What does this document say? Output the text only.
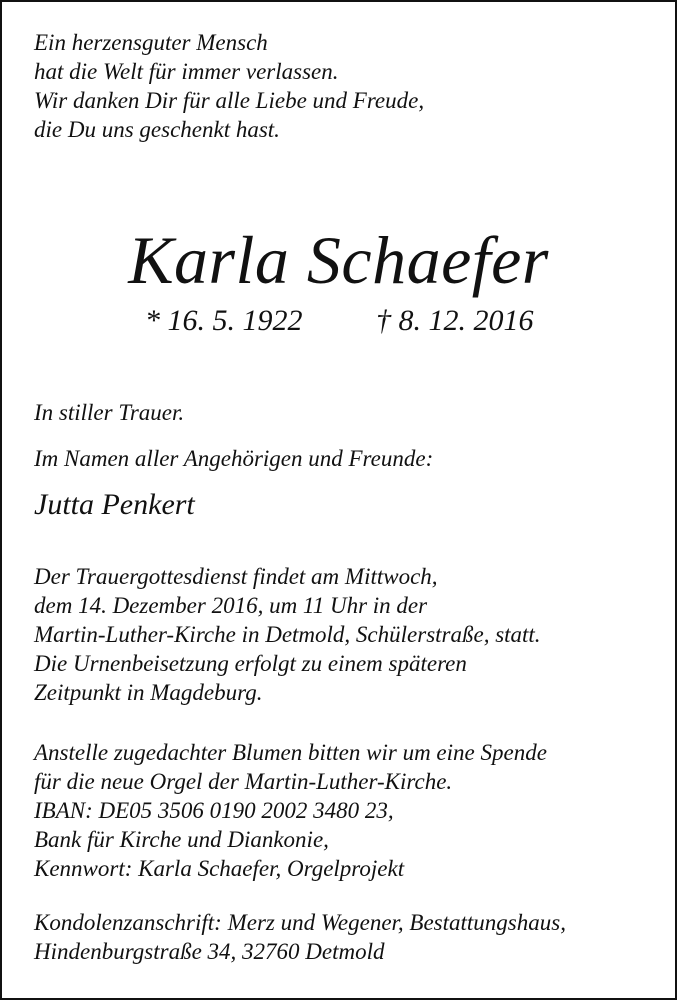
Ein herzensguter Mensch
hat die Welt für immer verlassen.
Wir danken Dir für alle Liebe und Freude,
die Du uns geschenkt hast.
Karla Schaefer
* 16. 5. 1922 † 8. 12. 2016
In stiller Trauer.
Im Namen aller Angehörigen und Freunde:
Jutta Penkert
Der Trauergottesdienst findet am Mittwoch,
dem 14. Dezember 2016, um 11 Uhr in der
Martin-Luther-Kirche in Detmold, Schülerstraße, statt.
Die Urnenbeisetzung erfolgt zu einem späteren
Zeitpunkt in Magdeburg.
Anstelle zugedachter Blumen bitten wir um eine Spende
für die neue Orgel der Martin-Luther-Kirche.
IBAN: DE05 3506 0190 2002 3480 23,
Bank für Kirche und Diankonie,
Kennwort: Karla Schaefer, Orgelprojekt
Kondolenzanschrift: Merz und Wegener, Bestattungshaus,
Hindenburgstraße 34, 32760 Detmold
